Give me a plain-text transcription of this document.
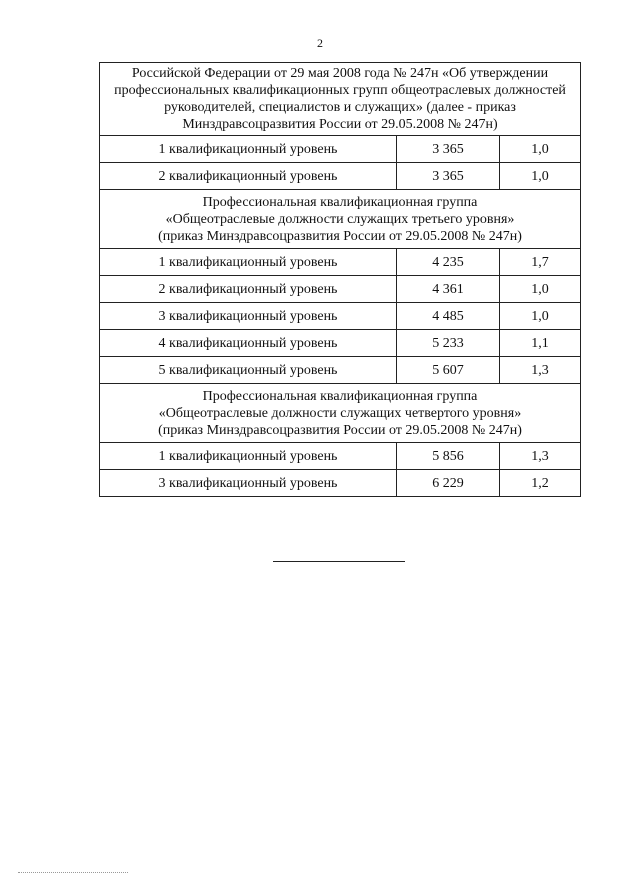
2
Российской Федерации от 29 мая 2008 года № 247н «Об утверждении
профессиональных квалификационных групп общеотраслевых должностей
руководителей, специалистов и служащих» (далее - приказ
Минздравсоцразвития России от 29.05.2008 № 247н)		

1 квалификационный уровень	3 365	1,0
2 квалификационный уровень	3 365	1,0

Профессиональная квалификационная группа
«Общеотраслевые должности служащих третьего уровня»
(приказ Минздравсоцразвития России от 29.05.2008 № 247н)		

1 квалификационный уровень	4 235	1,7
2 квалификационный уровень	4 361	1,0
3 квалификационный уровень	4 485	1,0
4 квалификационный уровень	5 233	1,1
5 квалификационный уровень	5 607	1,3

Профессиональная квалификационная группа
«Общеотраслевые должности служащих четвертого уровня»
(приказ Минздравсоцразвития России от 29.05.2008 № 247н)		

1 квалификационный уровень	5 856	1,3
3 квалификационный уровень	6 229	1,2
